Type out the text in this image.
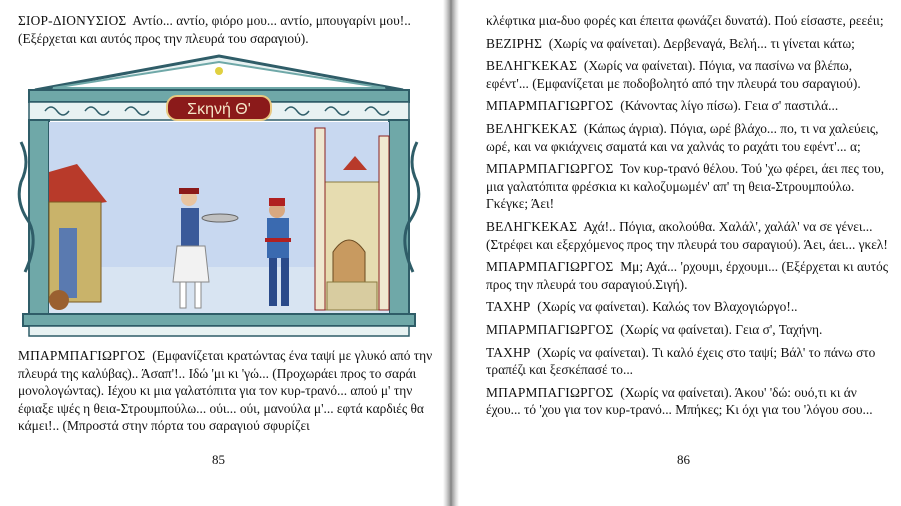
ΣΙΟΡ-ΔΙΟΝΥΣΙΟΣ Αντίο... αντίο, φιόρο μου... αντίο, μπουγαρίνι μου!.. (Εξέρχεται και αυτός προς την πλευρά του σαραγιού).

Σκηνή Θ'

ΜΠΑΡΜΠΑΓΙΩΡΓΟΣ (Εμφανίζεται κρατώντας ένα ταψί με γλυκό από την πλευρά της καλύβας).. Άσαπ'!.. Ιδώ 'μι κι 'γώ... (Προχωράει προς το σαράι μονολογώντας). Ιέχου κι μια γαλατόπιτα για τον κυρ-τρανό... απού μ' την έφιαξε ιψές η θεια-Στρουμπούλω... ούι... ούι, μανούλα μ'... εφτά καρδιές θα κάμει!.. (Μπροστά στην πόρτα του σαραγιού σφυρίζει

85

κλέφτικα μια-δυο φορές και έπειτα φωνάζει δυνατά). Πού είσαστε, ρεεέιι;

ΒΕΖΙΡΗΣ (Χωρίς να φαίνεται). Δερβεναγά, Βελή... τι γίνεται κάτω;

ΒΕΛΗΓΚΕΚΑΣ (Χωρίς να φαίνεται). Πόγια, να πασίνω να βλέπω, εφέντ'... (Εμφανίζεται με ποδοβολητό από την πλευρά του σαραγιού).

ΜΠΑΡΜΠΑΓΙΩΡΓΟΣ (Κάνοντας λίγο πίσω). Γεια σ' παστιλά...

ΒΕΛΗΓΚΕΚΑΣ (Κάπως άγρια). Πόγια, ωρέ βλάχο... πο, τι να χαλεύεις, ωρέ, και να φκιάχνεις σαματά και να χαλνάς το ραχάτι του εφέντ'... α;

ΜΠΑΡΜΠΑΓΙΩΡΓΟΣ Τον κυρ-τρανό θέλου. Τού 'χω φέρει, άει πες του, μια γαλατόπιτα φρέσκια κι καλοζυμωμέν' απ' τη θεια-Στρουμπούλω. Γκέγκε; Άει!

ΒΕΛΗΓΚΕΚΑΣ Αχά!.. Πόγια, ακολούθα. Χαλάλ', χαλάλ' να σε γένει... (Στρέφει και εξερχόμενος προς την πλευρά του σαραγιού). Άει, άει... γκελ!

ΜΠΑΡΜΠΑΓΙΩΡΓΟΣ Μμ; Αχά... 'ρχουμι, έρχουμι... (Εξέρχεται κι αυτός προς την πλευρά του σαραγιού.Σιγή).

ΤΑΧΗΡ (Χωρίς να φαίνεται). Καλώς τον Βλαχογιώργο!..

ΜΠΑΡΜΠΑΓΙΩΡΓΟΣ (Χωρίς να φαίνεται). Γεια σ', Ταχήνη.

ΤΑΧΗΡ (Χωρίς να φαίνεται). Τι καλό έχεις στο ταψί; Βάλ' το πάνω στο τραπέζι και ξεσκέπασέ το...

ΜΠΑΡΜΠΑΓΙΩΡΓΟΣ (Χωρίς να φαίνεται). Άκου' 'δώ: ουό,τι κι άν έχου... τό 'χου για τον κυρ-τρανό... Μπήκες; Κι όχι για του 'λόγου σου...

86
